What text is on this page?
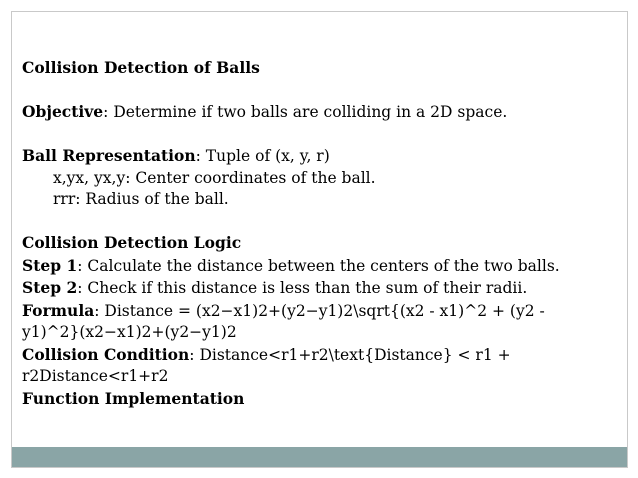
Collision Detection of Balls
Objective: Determine if two balls are colliding in a 2D space.
Ball Representation: Tuple of (x, y, r)
x,yx, yx,y: Center coordinates of the ball.
rrr: Radius of the ball.
Collision Detection Logic
Step 1: Calculate the distance between the centers of the two balls.
Step 2: Check if this distance is less than the sum of their radii.
Formula: Distance = (x2−x1)2+(y2−y1)2\sqrt{(x2 - x1)^2 + (y2 -
y1)^2}(x2−x1)2+(y2−y1)2
Collision Condition: Distance<r1+r2\text{Distance} < r1 +
r2Distance<r1+r2
Function Implementation
